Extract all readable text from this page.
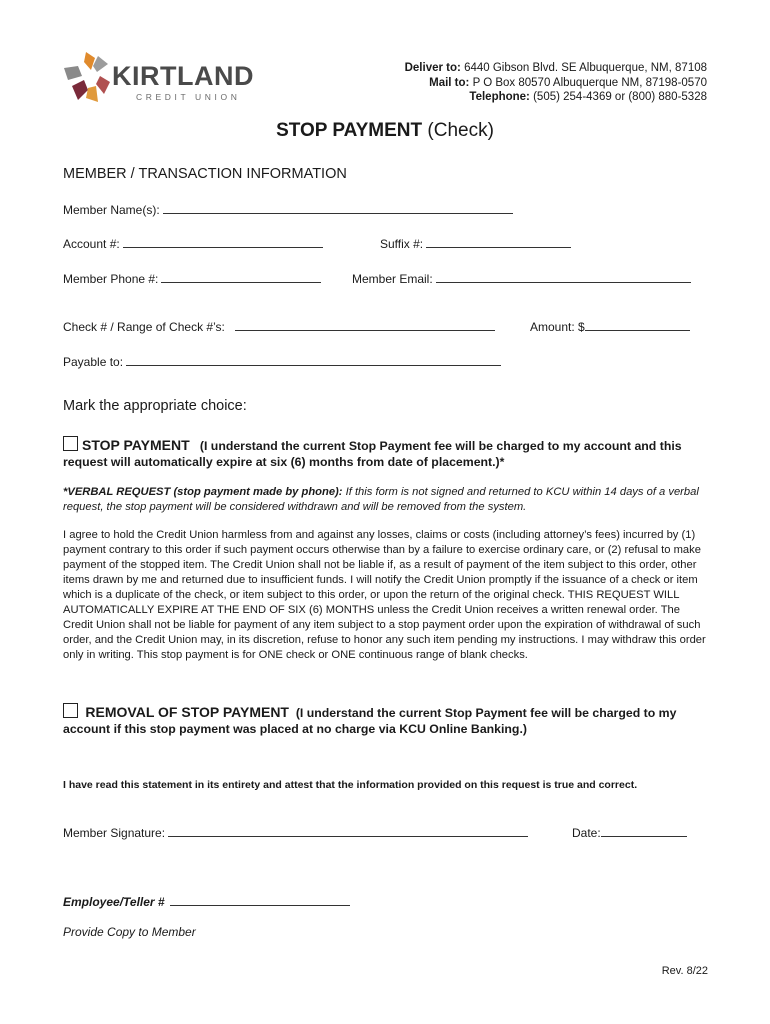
KIRTLAND
CREDIT UNION
Deliver to: 6440 Gibson Blvd. SE Albuquerque, NM, 87108
Mail to: P O Box 80570 Albuquerque NM, 87198-0570
Telephone: (505) 254-4369 or (800) 880-5328
STOP PAYMENT (Check)
MEMBER / TRANSACTION INFORMATION
Member Name(s):
Account #:	Suffix #:
Member Phone #:	Member Email:
Check # / Range of Check #’s:	Amount: $
Payable to:
Mark the appropriate choice:
STOP PAYMENT (I understand the current Stop Payment fee will be charged to my account and this request will automatically expire at six (6) months from date of placement.)*
*VERBAL REQUEST (stop payment made by phone): If this form is not signed and returned to KCU within 14 days of a verbal request, the stop payment will be considered withdrawn and will be removed from the system.
I agree to hold the Credit Union harmless from and against any losses, claims or costs (including attorney’s fees) incurred by (1) payment contrary to this order if such payment occurs otherwise than by a failure to exercise ordinary care, or (2) refusal to make payment of the stopped item. The Credit Union shall not be liable if, as a result of payment of the item subject to this order, other items drawn by me and returned due to insufficient funds. I will notify the Credit Union promptly if the issuance of a check or item which is a duplicate of the check, or item subject to this order, or upon the return of the original check. THIS REQUEST WILL AUTOMATICALLY EXPIRE AT THE END OF SIX (6) MONTHS unless the Credit Union receives a written renewal order. The Credit Union shall not be liable for payment of any item subject to a stop payment order upon the expiration of withdrawal of such order, and the Credit Union may, in its discretion, refuse to honor any such item pending my instructions. I may withdraw this order only in writing. This stop payment is for ONE check or ONE continuous range of blank checks.
REMOVAL OF STOP PAYMENT (I understand the current Stop Payment fee will be charged to my account if this stop payment was placed at no charge via KCU Online Banking.)
I have read this statement in its entirety and attest that the information provided on this request is true and correct.
Member Signature:	Date:
Employee/Teller #
Provide Copy to Member
Rev. 8/22
